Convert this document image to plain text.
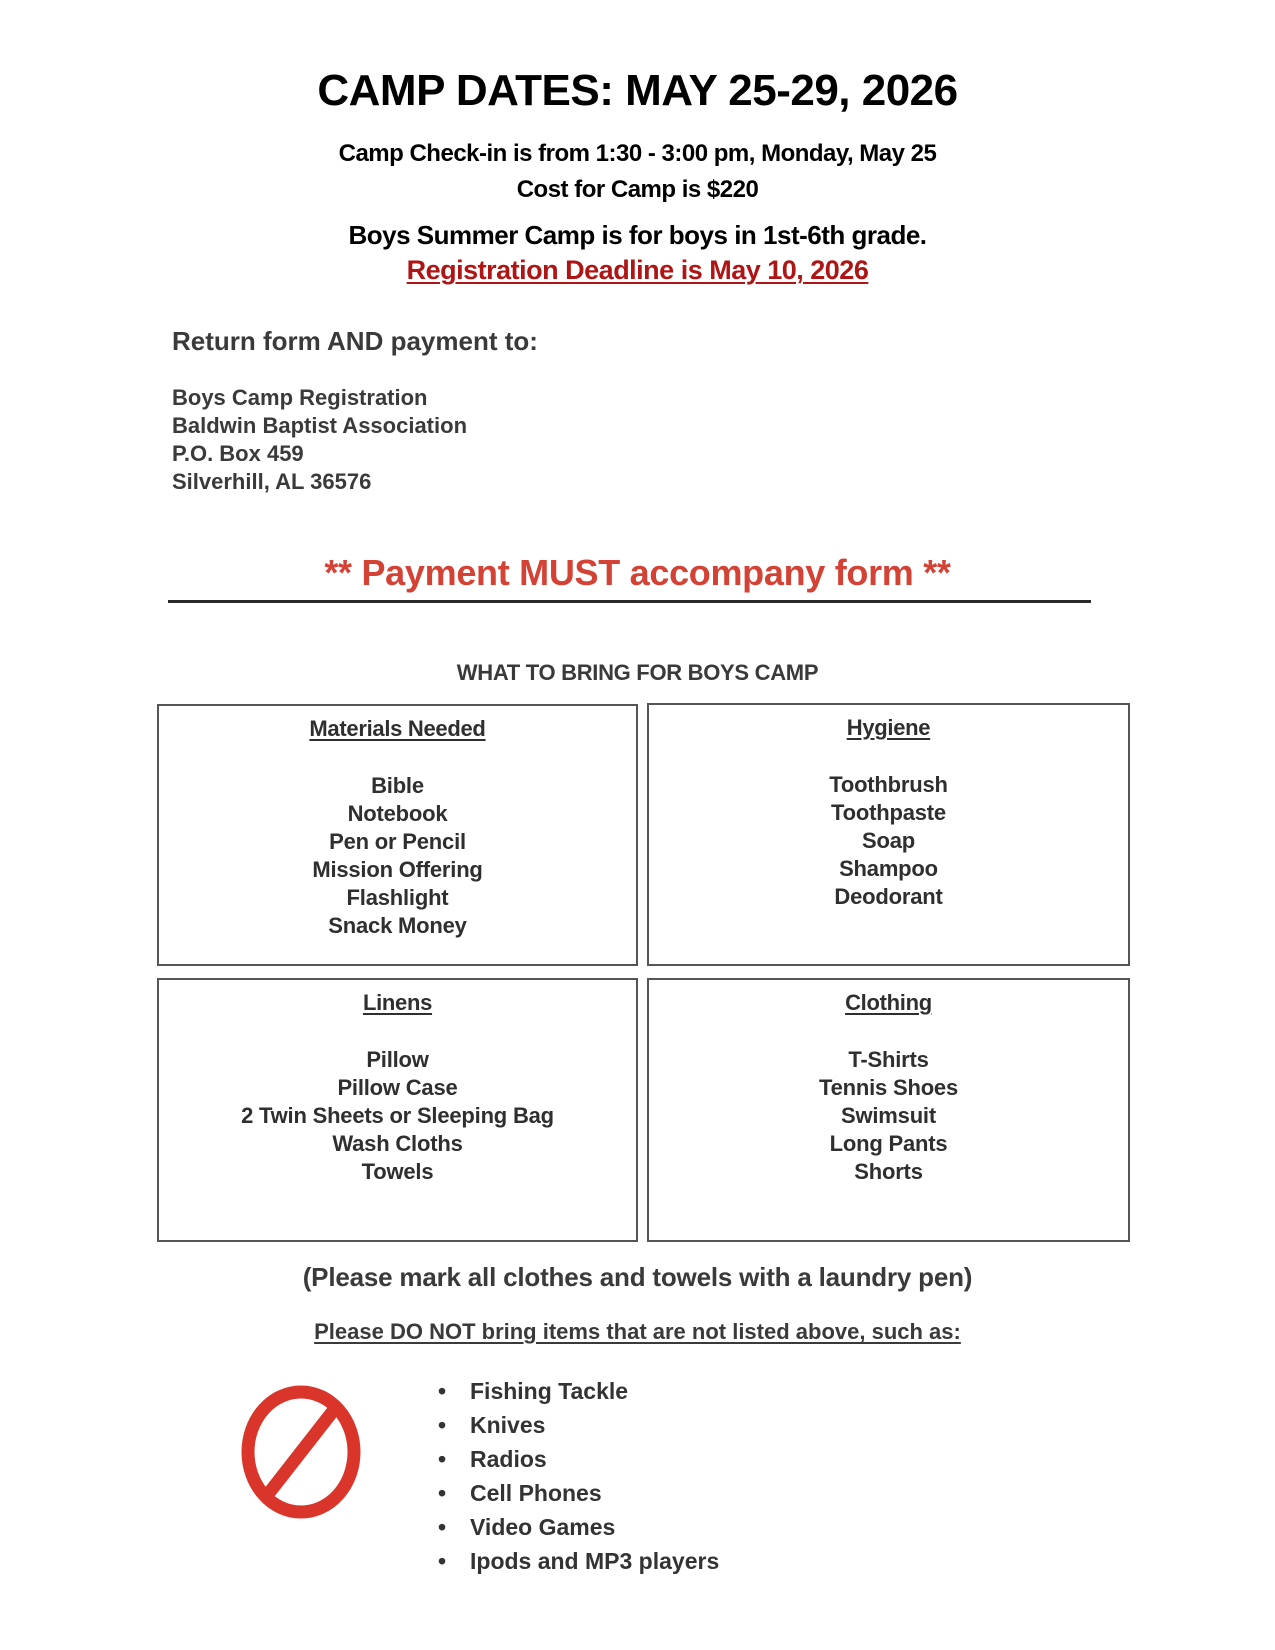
CAMP DATES: MAY 25-29, 2026
Camp Check-in is from 1:30 - 3:00 pm, Monday, May 25
Cost for Camp is $220
Boys Summer Camp is for boys in 1st-6th grade.
Registration Deadline is May 10, 2026
Return form AND payment to:
Boys Camp Registration
Baldwin Baptist Association
P.O. Box 459
Silverhill, AL 36576
** Payment MUST accompany form **
WHAT TO BRING FOR BOYS CAMP
Materials Needed
Bible
Notebook
Pen or Pencil
Mission Offering
Flashlight
Snack Money
Hygiene
Toothbrush
Toothpaste
Soap
Shampoo
Deodorant
Linens
Pillow
Pillow Case
2 Twin Sheets or Sleeping Bag
Wash Cloths
Towels
Clothing
T-Shirts
Tennis Shoes
Swimsuit
Long Pants
Shorts
(Please mark all clothes and towels with a laundry pen)
Please DO NOT bring items that are not listed above, such as:
• Fishing Tackle
• Knives
• Radios
• Cell Phones
• Video Games
• Ipods and MP3 players
